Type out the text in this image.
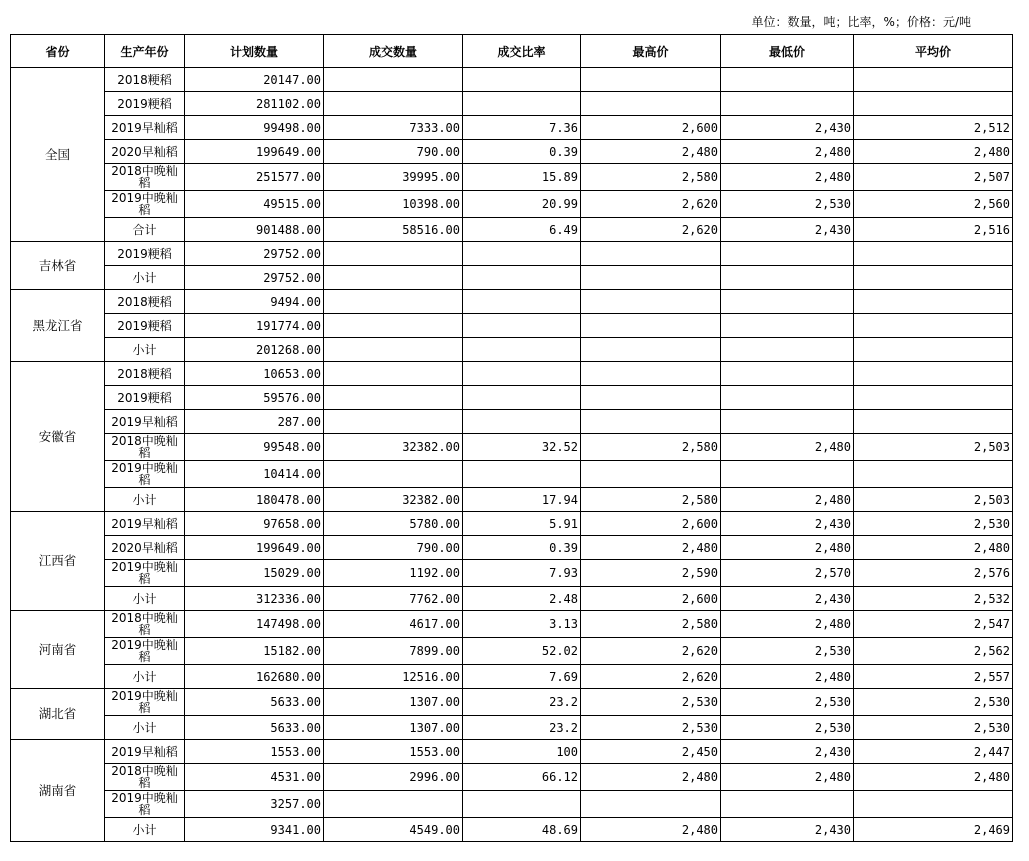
单位：数量，吨；比率，%；价格：元/吨
省份	生产年份	计划数量	成交数量	成交比率	最高价	最低价	平均价
全国	2018粳稻	20147.00					
	2019粳稻	281102.00					
	2019早籼稻	99498.00	7333.00	7.36	2,600	2,430	2,512
	2020早籼稻	199649.00	790.00	0.39	2,480	2,480	2,480
	2018中晚籼稻	251577.00	39995.00	15.89	2,580	2,480	2,507
	2019中晚籼稻	49515.00	10398.00	20.99	2,620	2,530	2,560
	合计	901488.00	58516.00	6.49	2,620	2,430	2,516
吉林省	2019粳稻	29752.00					
	小计	29752.00					
黑龙江省	2018粳稻	9494.00					
	2019粳稻	191774.00					
	小计	201268.00					
安徽省	2018粳稻	10653.00					
	2019粳稻	59576.00					
	2019早籼稻	287.00					
	2018中晚籼稻	99548.00	32382.00	32.52	2,580	2,480	2,503
	2019中晚籼稻	10414.00					
	小计	180478.00	32382.00	17.94	2,580	2,480	2,503
江西省	2019早籼稻	97658.00	5780.00	5.91	2,600	2,430	2,530
	2020早籼稻	199649.00	790.00	0.39	2,480	2,480	2,480
	2019中晚籼稻	15029.00	1192.00	7.93	2,590	2,570	2,576
	小计	312336.00	7762.00	2.48	2,600	2,430	2,532
河南省	2018中晚籼稻	147498.00	4617.00	3.13	2,580	2,480	2,547
	2019中晚籼稻	15182.00	7899.00	52.02	2,620	2,530	2,562
	小计	162680.00	12516.00	7.69	2,620	2,480	2,557
湖北省	2019中晚籼稻	5633.00	1307.00	23.2	2,530	2,530	2,530
	小计	5633.00	1307.00	23.2	2,530	2,530	2,530
湖南省	2019早籼稻	1553.00	1553.00	100	2,450	2,430	2,447
	2018中晚籼稻	4531.00	2996.00	66.12	2,480	2,480	2,480
	2019中晚籼稻	3257.00					
	小计	9341.00	4549.00	48.69	2,480	2,430	2,469
